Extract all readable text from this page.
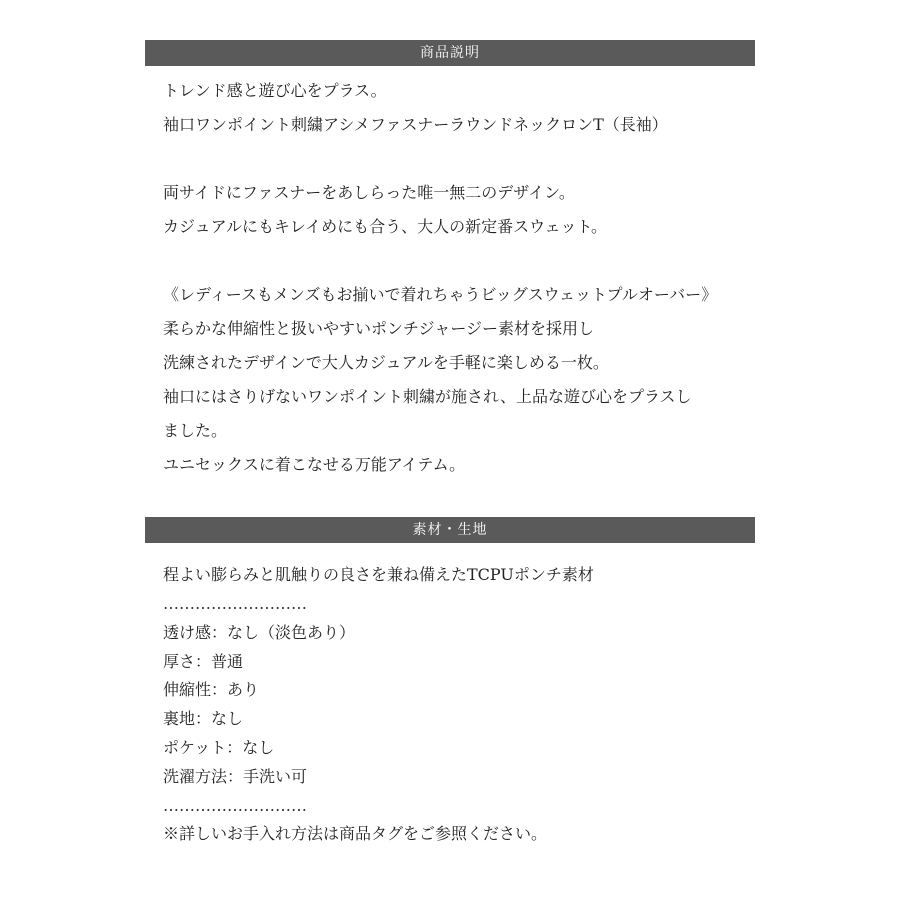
商品説明
トレンド感と遊び心をプラス。
袖口ワンポイント刺繍アシメファスナーラウンドネックロンT（長袖）
両サイドにファスナーをあしらった唯一無二のデザイン。
カジュアルにもキレイめにも合う、大人の新定番スウェット。
《レディースもメンズもお揃いで着れちゃうビッグスウェットプルオーバー》
柔らかな伸縮性と扱いやすいポンチジャージー素材を採用し
洗練されたデザインで大人カジュアルを手軽に楽しめる一枚。
袖口にはさりげないワンポイント刺繍が施され、上品な遊び心をプラスし
ました。
ユニセックスに着こなせる万能アイテム。
素材・生地
程よい膨らみと肌触りの良さを兼ね備えたTCPUポンチ素材
………………………
透け感：なし（淡色あり）
厚さ：普通
伸縮性：あり
裏地：なし
ポケット：なし
洗濯方法：手洗い可
………………………
※詳しいお手入れ方法は商品タグをご参照ください。
